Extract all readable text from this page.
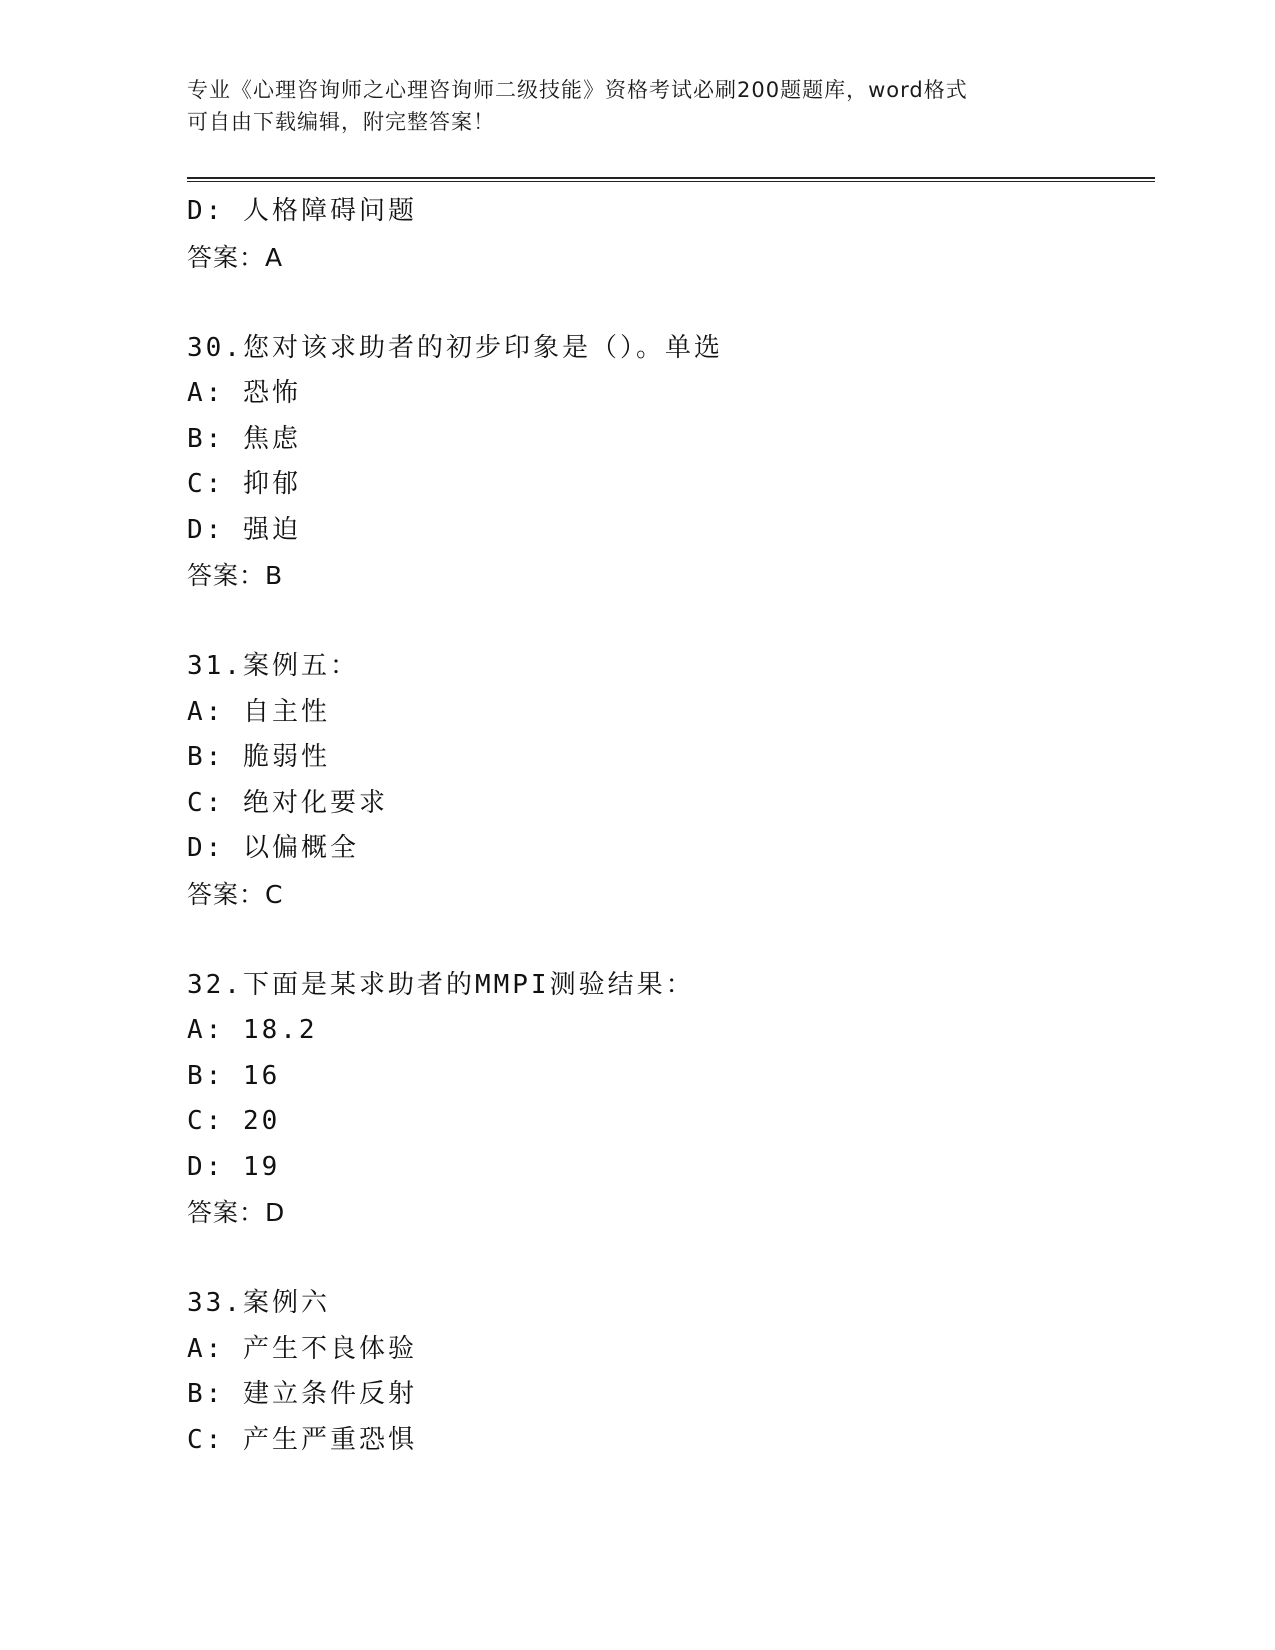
专业《心理咨询师之心理咨询师二级技能》资格考试必刷200题题库，word格式
可自由下载编辑，附完整答案！
D: 人格障碍问题
答案：A
30.您对该求助者的初步印象是（）。单选
A: 恐怖
B: 焦虑
C: 抑郁
D: 强迫
答案：B
31.案例五：
A: 自主性
B: 脆弱性
C: 绝对化要求
D: 以偏概全
答案：C
32.下面是某求助者的MMPI测验结果：
A: 18.2
B: 16
C: 20
D: 19
答案：D
33.案例六
A: 产生不良体验
B: 建立条件反射
C: 产生严重恐惧
